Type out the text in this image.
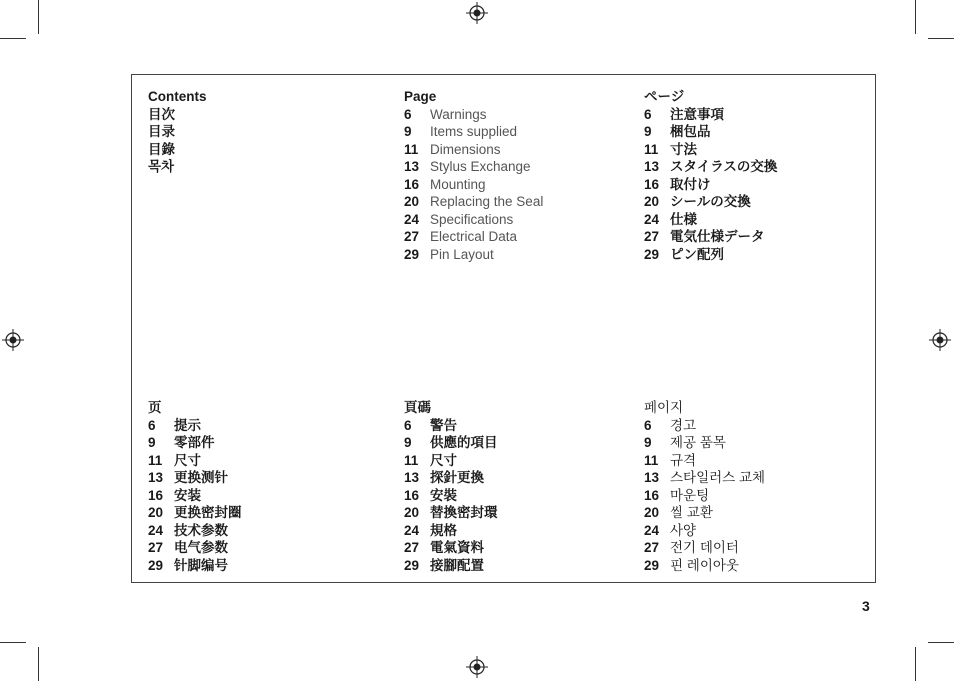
Contents
目次
目录
目錄
목차
Page
6	Warnings
9	Items supplied
11 Dimensions
13 Stylus Exchange
16 Mounting
20 Replacing the Seal
24 Specifications
27 Electrical Data
29 Pin Layout
ページ
6	注意事項
9	梱包品
11 寸法
13 スタイラスの交換
16 取付け
20 シールの交換
24 仕様
27 電気仕様データ
29 ピン配列
页
6	提示
9	零部件
11 尺寸
13 更换测针
16 安装
20 更换密封圈
24 技术参数
27 电气参数
29 针脚编号
頁碼
6	警告
9	供應的項目
11 尺寸
13 探針更換
16 安裝
20 替換密封環
24 規格
27 電氣資料
29 接腳配置
페이지
6	경고
9	제공 품목
11 규격
13 스타일러스 교체
16 마운팅
20 씰 교환
24 사양
27 전기 데이터
29 핀 레이아웃
3
